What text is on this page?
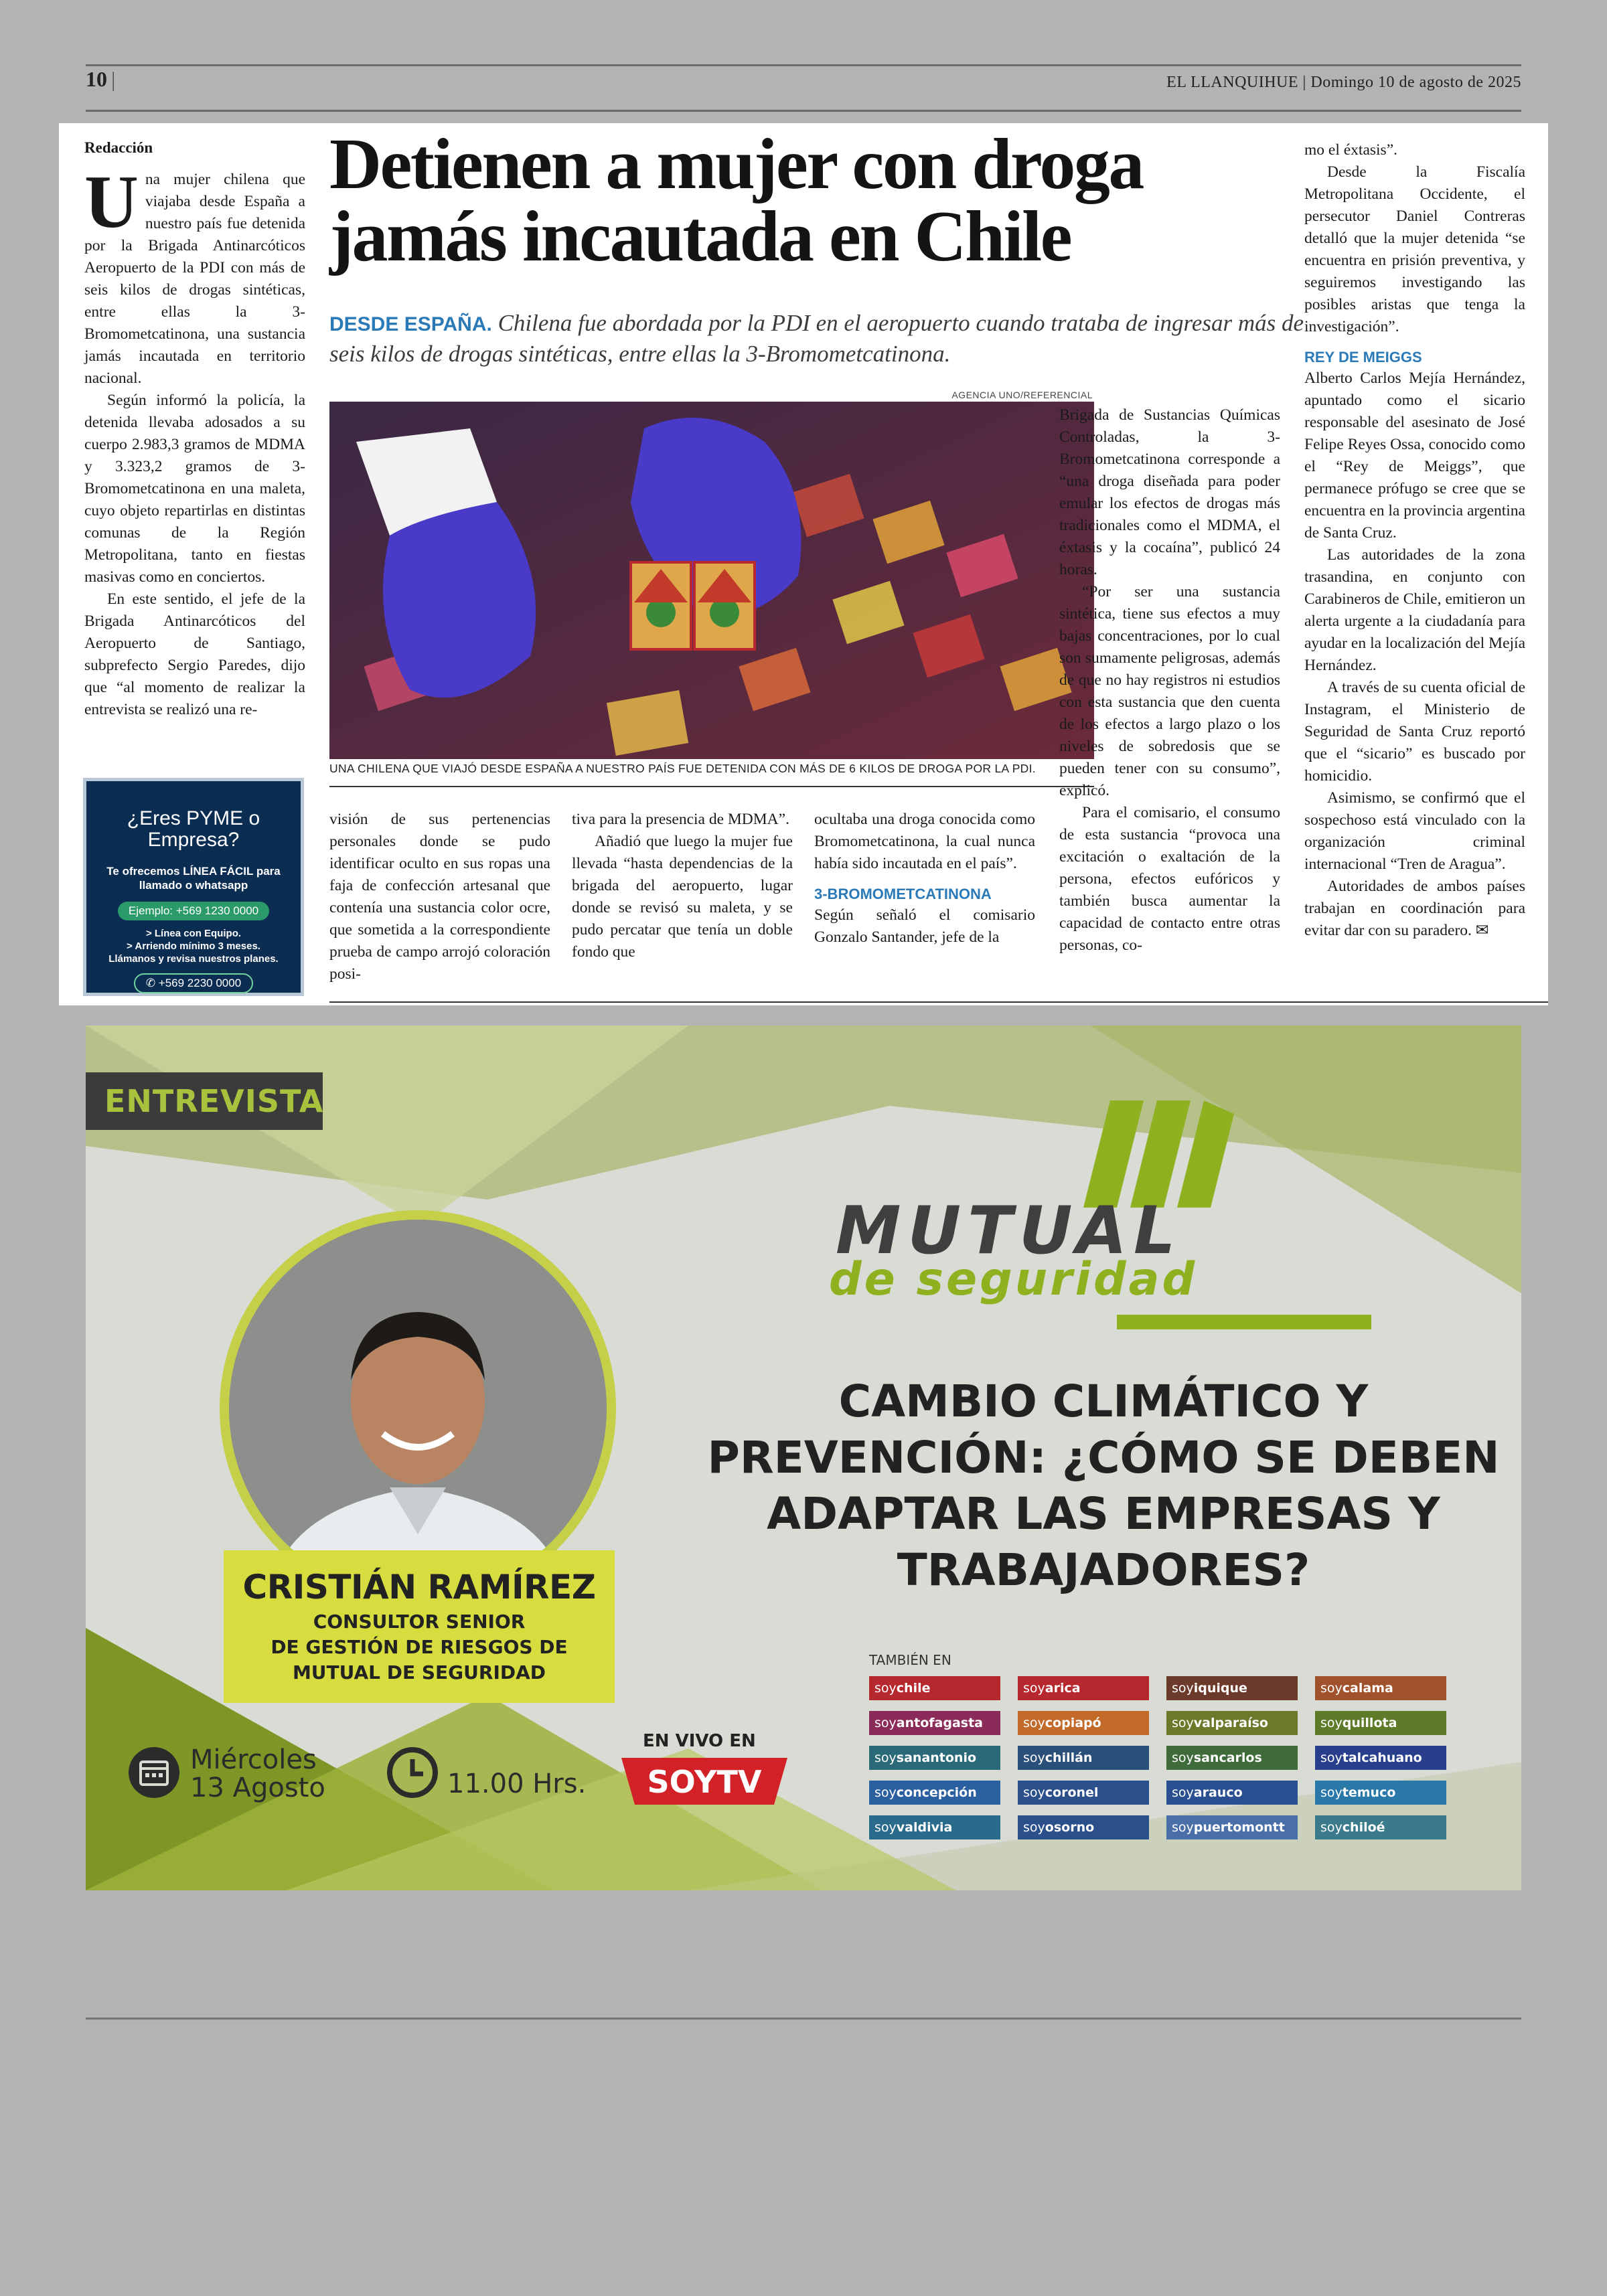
10 |	EL LLANQUIHUE | Domingo 10 de agosto de 2025
Redacción

Una mujer chilena que viajaba desde España a nuestro país fue detenida por la Brigada Antinarcóticos Aeropuerto de la PDI con más de seis kilos de drogas sintéticas, entre ellas la 3-Bromometcatinona, una sustancia jamás incautada en territorio nacional.

Según informó la policía, la detenida llevaba adosados a su cuerpo 2.983,3 gramos de MDMA y 3.323,2 gramos de 3-Bromometcatinona en una maleta, cuyo objeto repartirlas en distintas comunas de la Región Metropolitana, tanto en fiestas masivas como en conciertos.

En este sentido, el jefe de la Brigada Antinarcóticos del Aeropuerto de Santiago, subprefecto Sergio Paredes, dijo que “al momento de realizar la entrevista se realizó una re-

Detienen a mujer con droga
jamás incautada en Chile
DESDE ESPAÑA. Chilena fue abordada por la PDI en el aeropuerto cuando trataba de ingresar más de seis kilos de drogas sintéticas, entre ellas la 3-Bromometcatinona.
AGENCIA UNO/REFERENCIAL
UNA CHILENA QUE VIAJÓ DESDE ESPAÑA A NUESTRO PAÍS FUE DETENIDA CON MÁS DE 6 KILOS DE DROGA POR LA PDI.

visión de sus pertenencias personales donde se pudo identificar oculto en sus ropas una faja de confección artesanal que contenía una sustancia color ocre, que sometida a la correspondiente prueba de campo arrojó coloración posi-

tiva para la presencia de MDMA”.

Añadió que luego la mujer fue llevada “hasta dependencias de la brigada del aeropuerto, lugar donde se revisó su maleta, y se pudo percatar que tenía un doble fondo que

ocultaba una droga conocida como Bromometcatinona, la cual nunca había sido incautada en el país”.

3-BROMOMETCATINONA

Según señaló el comisario Gonzalo Santander, jefe de la

Brigada de Sustancias Químicas Controladas, la 3-Bromometcatinona corresponde a “una droga diseñada para poder emular los efectos de drogas más tradicionales como el MDMA, el éxtasis y la cocaína”, publicó 24 horas.

“Por ser una sustancia sintética, tiene sus efectos a muy bajas concentraciones, por lo cual son sumamente peligrosas, además de que no hay registros ni estudios con esta sustancia que den cuenta de los efectos a largo plazo o los niveles de sobredosis que se pueden tener con su consumo”, explicó.

Para el comisario, el consumo de esta sustancia “provoca una excitación o exaltación de la persona, efectos eufóricos y también busca aumentar la capacidad de contacto entre otras personas, co-

mo el éxtasis”.

Desde la Fiscalía Metropolitana Occidente, el persecutor Daniel Contreras detalló que la mujer detenida “se encuentra en prisión preventiva, y seguiremos investigando las posibles aristas que tenga la investigación”.

REY DE MEIGGS

Alberto Carlos Mejía Hernández, apuntado como el sicario responsable del asesinato de José Felipe Reyes Ossa, conocido como el “Rey de Meiggs”, que permanece prófugo se cree que se encuentra en la provincia argentina de Santa Cruz.

Las autoridades de la zona trasandina, en conjunto con Carabineros de Chile, emitieron un alerta urgente a la ciudadanía para ayudar en la localización del Mejía Hernández.

A través de su cuenta oficial de Instagram, el Ministerio de Seguridad de Santa Cruz reportó que el “sicario” es buscado por homicidio.

Asimismo, se confirmó que el sospechoso está vinculado con la organización criminal internacional “Tren de Aragua”.

Autoridades de ambos países trabajan en coordinación para evitar dar con su paradero. ✉

¿Eres PYME o Empresa?
Te ofrecemos LÍNEA FÁCIL para llamado o whatsapp
Ejemplo: +569 1230 0000
> Línea con Equipo.
> Arriendo mínimo 3 meses.
Llámanos y revisa nuestros planes.
✆ +569 2230 0000
ENTREVISTA
CRISTIÁN RAMÍREZ
CONSULTOR SENIOR
DE GESTIÓN DE RIESGOS DE
MUTUAL DE SEGURIDAD
Miércoles
13 Agosto	11.00 Hrs.
EN VIVO EN
SOYTV
MUTUAL
de seguridad
CAMBIO CLIMÁTICO Y PREVENCIÓN: ¿CÓMO SE DEBEN ADAPTAR LAS EMPRESAS Y TRABAJADORES?
TAMBIÉN EN
soychile	soyarica	soyiquique	soycalama
soyantofagasta	soycopiapó	soyvalparaíso	soyquillota
soysanantonio	soychillán	soysancarlos	soytalcahuano
soyconcepción	soycoronel	soyarauco	soytemuco
soyvaldivia	soyosorno	soypuertomontt	soychiloé
